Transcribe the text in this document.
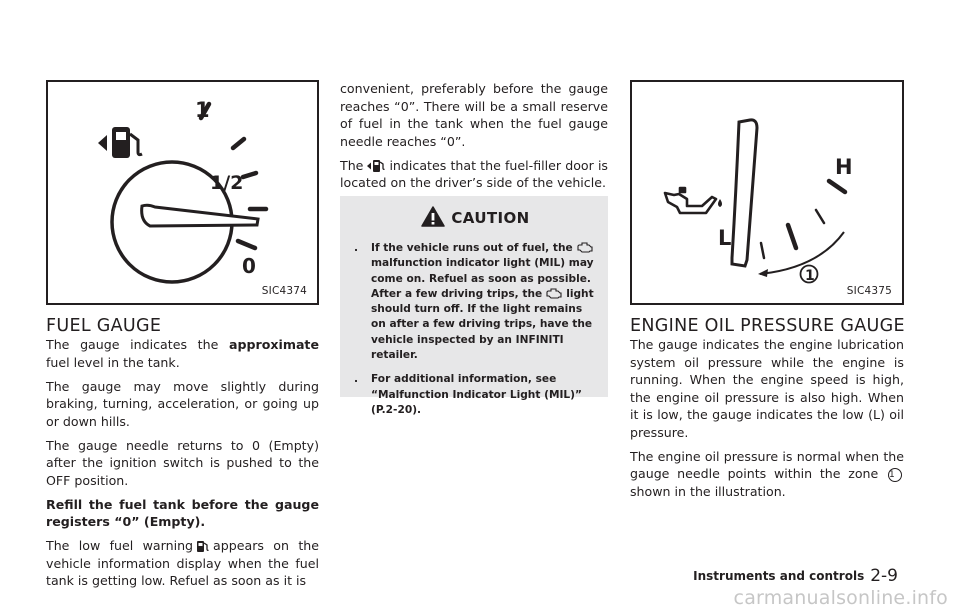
1
1/2
0
SIC4374
FUEL GAUGE

The gauge indicates the approximate fuel level in the tank.

The gauge may move slightly during braking, turning, acceleration, or going up or down hills.

The gauge needle returns to 0 (Empty) after the ignition switch is pushed to the OFF position.

Refill the fuel tank before the gauge registers “0” (Empty).

The low fuel warning appears on the vehicle information display when the fuel tank is getting low. Refuel as soon as it is

convenient, preferably before the gauge reaches “0”. There will be a small reserve of fuel in the tank when the fuel gauge needle reaches “0”.

The indicates that the fuel-filler door is located on the driver’s side of the vehicle.

CAUTION
. If the vehicle runs out of fuel, themalfunction indicator light (MIL) may come on. Refuel as soon as possible. After a few driving trips, the light should turn off. If the light remains on after a few driving trips, have the vehicle inspected by an INFINITI retailer.
. For additional information, see “Malfunction Indicator Light (MIL)” (P.2-20).
H
L
1
SIC4375
ENGINE OIL PRESSURE GAUGE

The gauge indicates the engine lubrication system oil pressure while the engine is running. When the engine speed is high, the engine oil pressure is also high. When it is low, the gauge indicates the low (L) oil pressure.

The engine oil pressure is normal when the gauge needle points within the zone 1 shown in the illustration.

Instruments and controls 2-9
carmanualsonline.info
